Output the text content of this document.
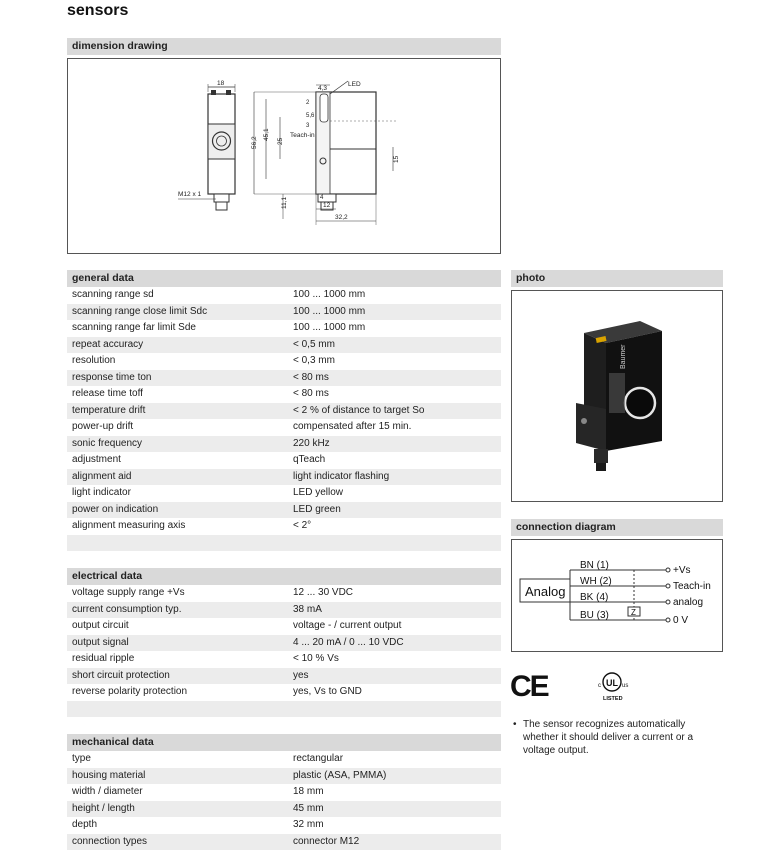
sensors
dimension drawing
18
M12 x 1
LED
4,3
56,2
45,1
25
2
5,6
3
Teach-in
15
11,1	4
12
32,2
general data
scanning range sd	100 ... 1000 mm
scanning range close limit Sdc	100 ... 1000 mm
scanning range far limit Sde	100 ... 1000 mm
repeat accuracy	< 0,5 mm
resolution	< 0,3 mm
response time ton	< 80 ms
release time toff	< 80 ms
temperature drift	< 2 % of distance to target So
power-up drift	compensated after 15 min.
sonic frequency	220 kHz
adjustment	qTeach
alignment aid	light indicator flashing
light indicator	LED yellow
power on indication	LED green
alignment measuring axis	< 2°
electrical data
voltage supply range +Vs	12 ... 30 VDC
current consumption typ.	38 mA
output circuit	voltage - / current output
output signal	4 ... 20 mA / 0 ... 10 VDC
residual ripple	< 10 % Vs
short circuit protection	yes
reverse polarity protection	yes, Vs to GND
mechanical data
type	rectangular
housing material	plastic (ASA, PMMA)
width / diameter	18 mm
height / length	45 mm
depth	32 mm
connection types	connector M12
photo
Baumer
connection diagram
Analog
Z
BN (1)
WH (2)
BK (4)
BU (3)
+Vs
Teach-in
analog
0 V
CE	c UL us
LISTED
• The sensor recognizes automatically whether it should deliver a current or a voltage output.
